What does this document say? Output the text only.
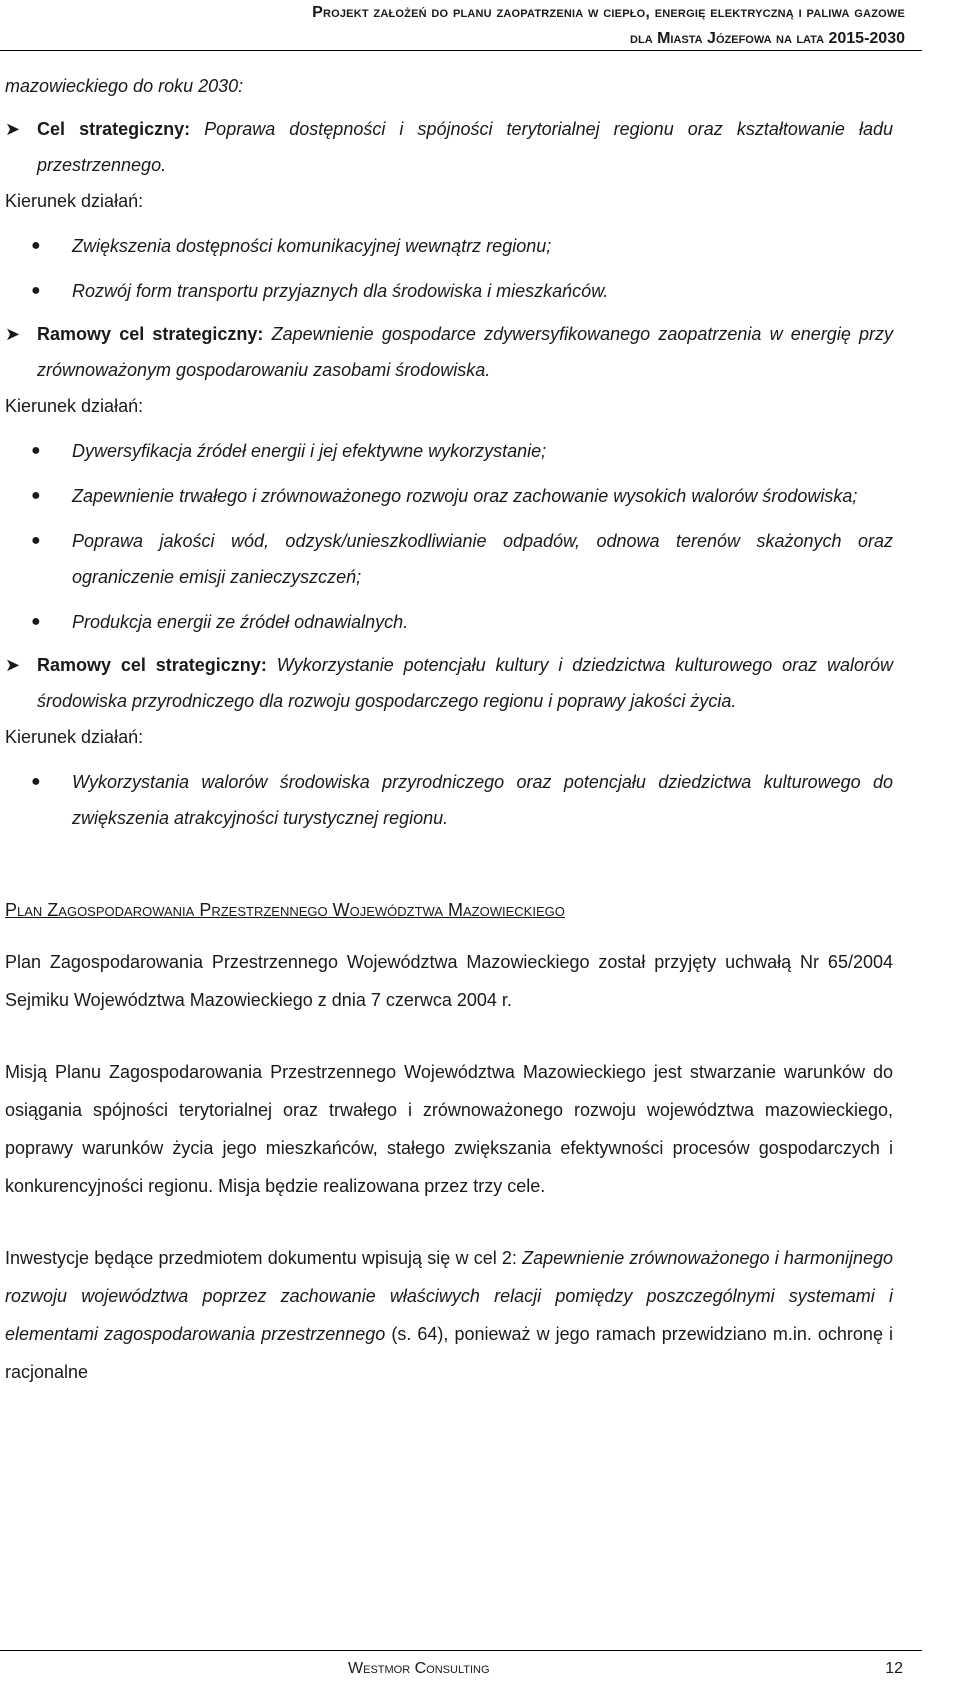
Projekt założeń do planu zaopatrzenia w ciepło, energię elektryczną i paliwa gazowe
dla Miasta Józefowa na lata 2015-2030

mazowieckiego do roku 2030:

➤ Cel strategiczny: Poprawa dostępności i spójności terytorialnej regionu oraz kształtowanie ładu przestrzennego.

Kierunek działań:

● Zwiększenia dostępności komunikacyjnej wewnątrz regionu;
● Rozwój form transportu przyjaznych dla środowiska i mieszkańców.
➤ Ramowy cel strategiczny: Zapewnienie gospodarce zdywersyfikowanego zaopatrzenia w energię przy zrównoważonym gospodarowaniu zasobami środowiska.

Kierunek działań:

● Dywersyfikacja źródeł energii i jej efektywne wykorzystanie;
● Zapewnienie trwałego i zrównoważonego rozwoju oraz zachowanie wysokich walorów środowiska;
● Poprawa jakości wód, odzysk/unieszkodliwianie odpadów, odnowa terenów skażonych oraz ograniczenie emisji zanieczyszczeń;
● Produkcja energii ze źródeł odnawialnych.
➤ Ramowy cel strategiczny: Wykorzystanie potencjału kultury i dziedzictwa kulturowego oraz walorów środowiska przyrodniczego dla rozwoju gospodarczego regionu i poprawy jakości życia.

Kierunek działań:

● Wykorzystania walorów środowiska przyrodniczego oraz potencjału dziedzictwa kulturowego do zwiększenia atrakcyjności turystycznej regionu.

Plan Zagospodarowania Przestrzennego Województwa Mazowieckiego

Plan Zagospodarowania Przestrzennego Województwa Mazowieckiego został przyjęty uchwałą Nr 65/2004 Sejmiku Województwa Mazowieckiego z dnia 7 czerwca 2004 r.

Misją Planu Zagospodarowania Przestrzennego Województwa Mazowieckiego jest stwarzanie warunków do osiągania spójności terytorialnej oraz trwałego i zrównoważonego rozwoju województwa mazowieckiego, poprawy warunków życia jego mieszkańców, stałego zwiększania efektywności procesów gospodarczych i konkurencyjności regionu. Misja będzie realizowana przez trzy cele.

Inwestycje będące przedmiotem dokumentu wpisują się w cel 2: Zapewnienie zrównoważonego i harmonijnego rozwoju województwa poprzez zachowanie właściwych relacji pomiędzy poszczególnymi systemami i elementami zagospodarowania przestrzennego (s. 64), ponieważ w jego ramach przewidziano m.in. ochronę i racjonalne

Westmor Consulting	12
